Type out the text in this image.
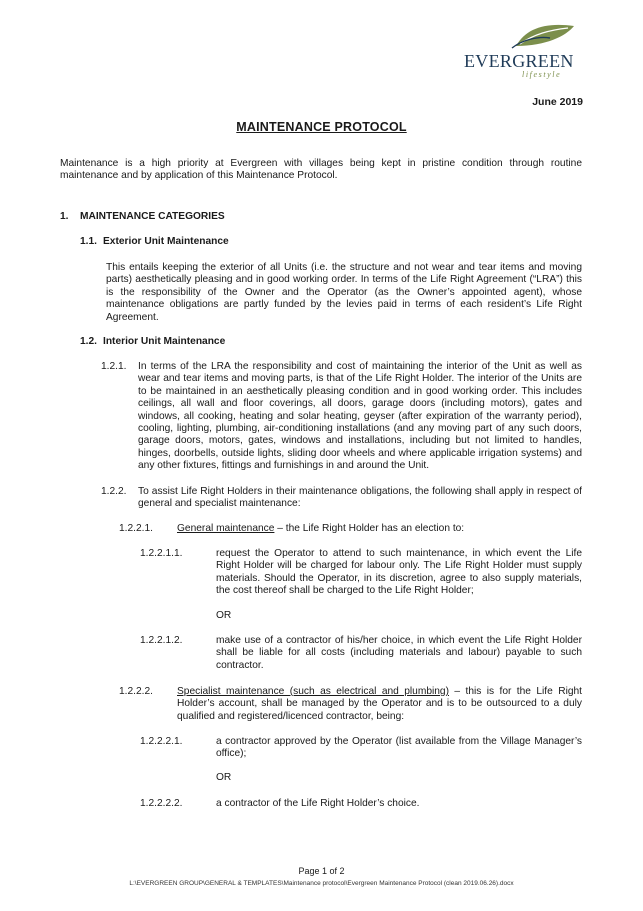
EVERGREEN
lifestyle
June 2019
MAINTENANCE PROTOCOL

Maintenance is a high priority at Evergreen with villages being kept in pristine condition through routine maintenance and by application of this Maintenance Protocol.

1. MAINTENANCE CATEGORIES
1.1. Exterior Unit Maintenance

This entails keeping the exterior of all Units (i.e. the structure and not wear and tear items and moving parts) aesthetically pleasing and in good working order. In terms of the Life Right Agreement (“LRA”) this is the responsibility of the Owner and the Operator (as the Owner’s appointed agent), whose maintenance obligations are partly funded by the levies paid in terms of each resident’s Life Right Agreement.

1.2. Interior Unit Maintenance
1.2.1. In terms of the LRA the responsibility and cost of maintaining the interior of the Unit as well as wear and tear items and moving parts, is that of the Life Right Holder. The interior of the Units are to be maintained in an aesthetically pleasing condition and in good working order. This includes ceilings, all wall and floor coverings, all doors, garage doors (including motors), gates and windows, all cooking, heating and solar heating, geyser (after expiration of the warranty period), cooling, lighting, plumbing, air-conditioning installations (and any moving part of any such doors, garage doors, motors, gates, windows and installations, including but not limited to handles, hinges, doorbells, outside lights, sliding door wheels and where applicable irrigation systems) and any other fixtures, fittings and furnishings in and around the Unit.

1.2.2. To assist Life Right Holders in their maintenance obligations, the following shall apply in respect of general and specialist maintenance:

1.2.2.1. General maintenance – the Life Right Holder has an election to:

1.2.2.1.1.	request the Operator to attend to such maintenance, in which event the Life Right Holder will be charged for labour only. The Life Right Holder must supply materials. Should the Operator, in its discretion, agree to also supply materials, the cost thereof shall be charged to the Life Right Holder;

OR
1.2.2.1.2.	make use of a contractor of his/her choice, in which event the Life Right Holder shall be liable for all costs (including materials and labour) payable to such contractor.

1.2.2.2. Specialist maintenance (such as electrical and plumbing) – this is for the Life Right Holder’s account, shall be managed by the Operator and is to be outsourced to a duly qualified and registered/licenced contractor, being:

1.2.2.2.1.	a contractor approved by the Operator (list available from the Village Manager’s office);

OR
1.2.2.2.2.	a contractor of the Life Right Holder’s choice.

Page 1 of 2
L:\EVERGREEN GROUP\GENERAL & TEMPLATES\Maintenance protocol\Evergreen Maintenance Protocol (clean 2019.06.26).docx
